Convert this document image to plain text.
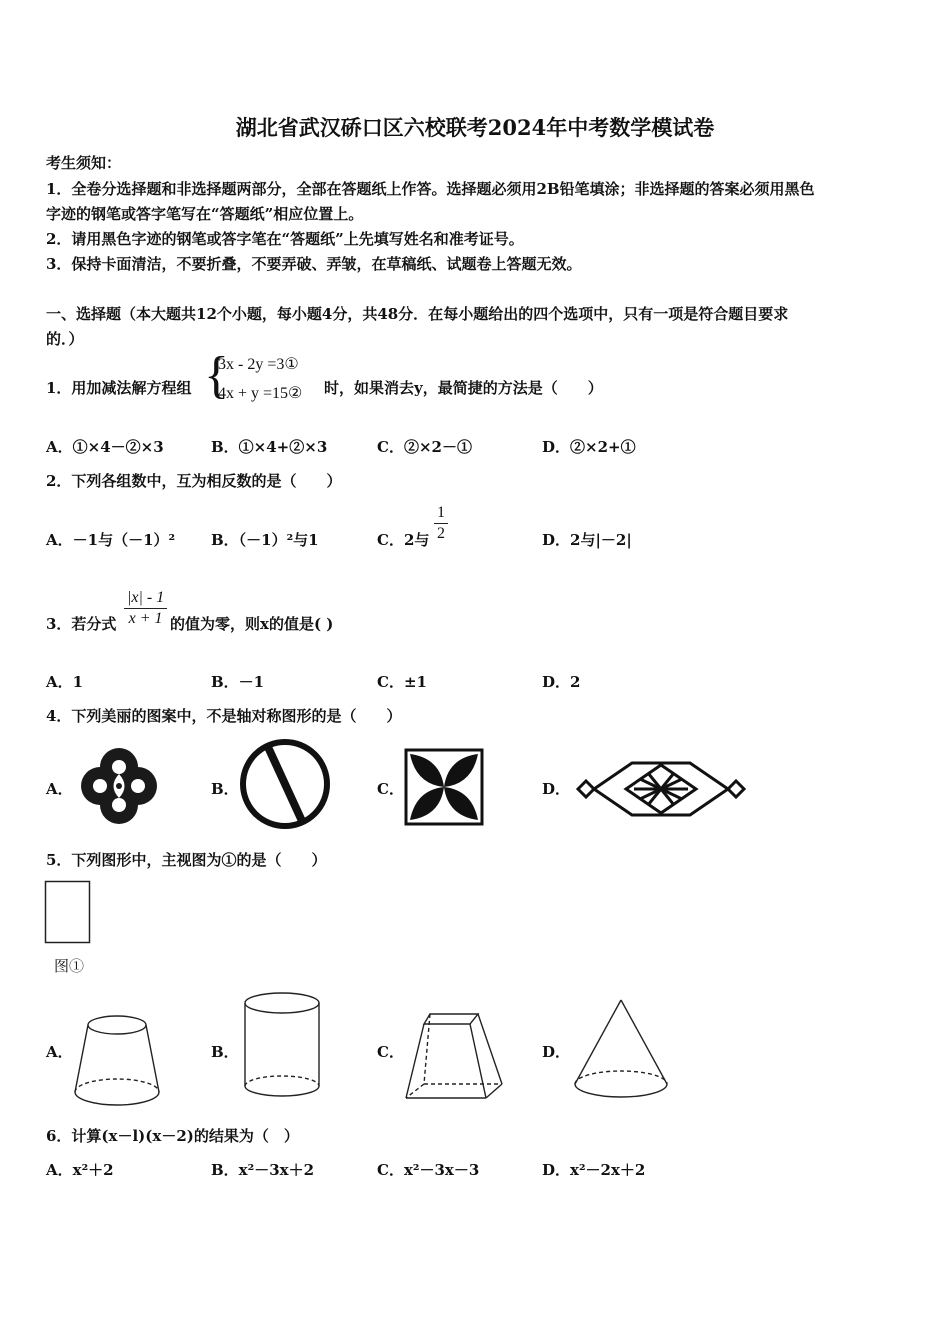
湖北省武汉硚口区六校联考2024年中考数学模试卷
考生须知：
1．全卷分选择题和非选择题两部分，全部在答题纸上作答。选择题必须用2B铅笔填涂；非选择题的答案必须用黑色
字迹的钢笔或答字笔写在“答题纸”相应位置上。
2．请用黑色字迹的钢笔或答字笔在“答题纸”上先填写姓名和准考证号。
3．保持卡面清洁，不要折叠，不要弄破、弄皱，在草稿纸、试题卷上答题无效。
一、选择题（本大题共12个小题，每小题4分，共48分．在每小题给出的四个选项中，只有一项是符合题目要求
的．）
1．用加减法解方程组 {
3x - 2y =3①
4x + y =15② 时，如果消去y，最简捷的方法是（　　）
A．①×4－②×3	B．①×4+②×3	C．②×2－①	D．②×2+①
2．下列各组数中，互为相反数的是（　　）
A．－1与（－1）² B．（－1）²与1	C．2与 $\frac{1}{2}$	D．2与|－2|
3．若分式 $\frac{|x| - 1}{x + 1}$ 的值为零，则x的值是( )
A．1	B．－1	C．±1	D．2
4．下列美丽的图案中，不是轴对称图形的是（　　）
A．	B．	C．	D．
5．下列图形中，主视图为①的是（　　）
图①
A．	B．	C．	D．
6．计算(x－l)(x－2)的结果为（　）
A．x²＋2	B．x²－3x＋2	C．x²－3x－3	D．x²－2x＋2
